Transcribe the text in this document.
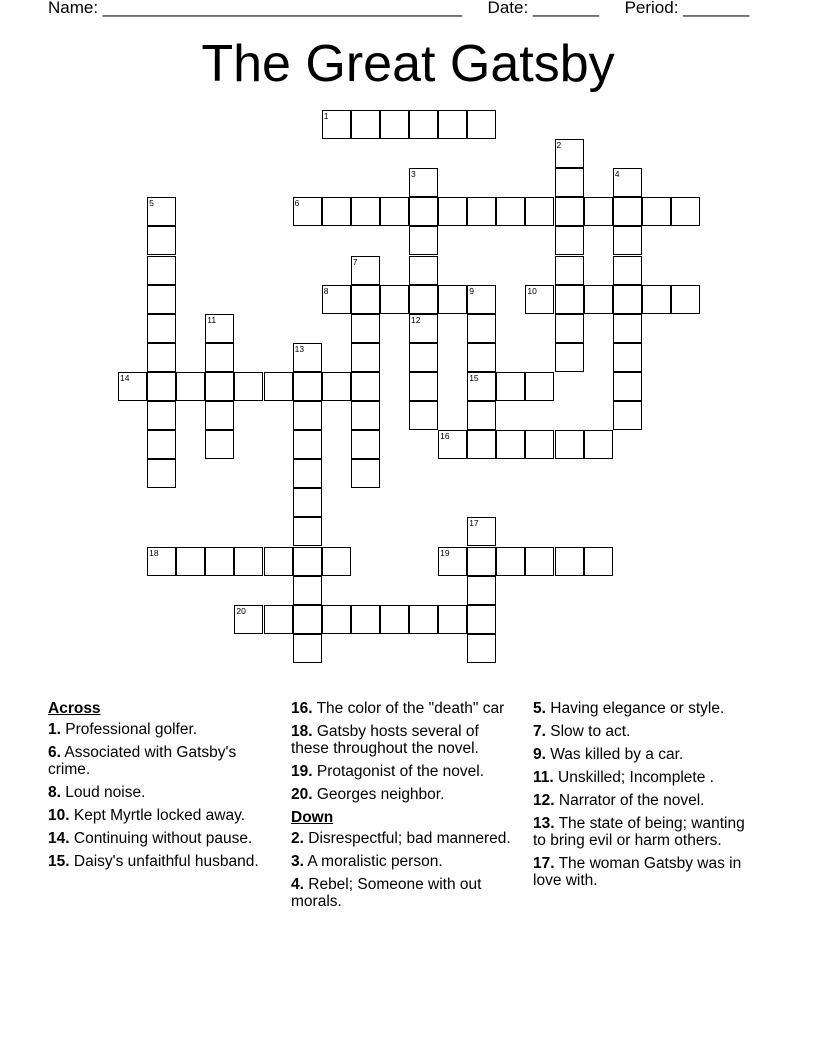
Name: ______________________________________ Date: _______ Period: _______
The Great Gatsby
1
6
8	9	10
14	15
16
18	19
20
2
3
12
4
5
7
11
13
17
Across
1. Professional golfer.
6. Associated with Gatsby's crime.
8. Loud noise.
10. Kept Myrtle locked away.
14. Continuing without pause.
15. Daisy's unfaithful husband.
16. The color of the "death" car
18. Gatsby hosts several of these throughout the novel.
19. Protagonist of the novel.
20. Georges neighbor.
Down
2. Disrespectful; bad mannered.
3. A moralistic person.
4. Rebel; Someone with out morals.
5. Having elegance or style.
7. Slow to act.
9. Was killed by a car.
11. Unskilled; Incomplete .
12. Narrator of the novel.
13. The state of being; wanting to bring evil or harm others.
17. The woman Gatsby was in love with.
